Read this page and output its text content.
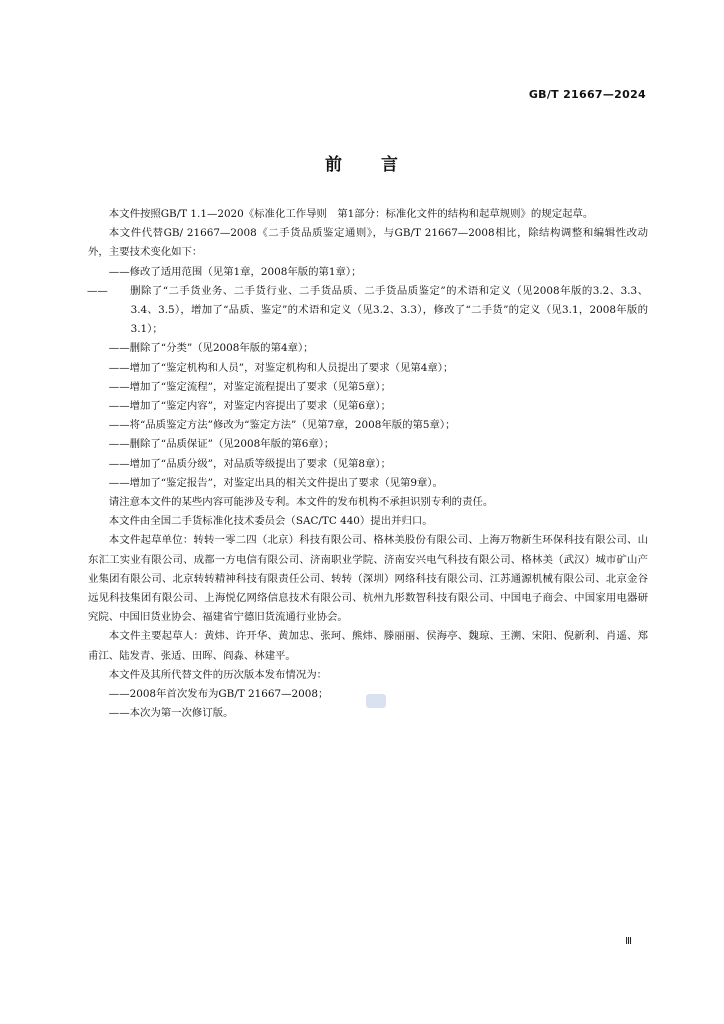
GB/T 21667—2024
前 言

本文件按照GB/T 1.1—2020《标准化工作导则　第1部分：标准化文件的结构和起草规则》的规定起草。

本文件代替GB/ 21667—2008《二手货品质鉴定通则》，与GB/T 21667—2008相比，除结构调整和编辑性改动外，主要技术变化如下：

——修改了适用范围（见第1章，2008年版的第1章）；

—— 删除了“二手货业务、二手货行业、二手货品质、二手货品质鉴定”的术语和定义（见2008年版的3.2、3.3、3.4、3.5），增加了“品质、鉴定”的术语和定义（见3.2、3.3），修改了“二手货”的定义（见3.1，2008年版的3.1）；

——删除了“分类”（见2008年版的第4章）；

——增加了“鉴定机构和人员”，对鉴定机构和人员提出了要求（见第4章）；

——增加了“鉴定流程”，对鉴定流程提出了要求（见第5章）；

——增加了“鉴定内容”，对鉴定内容提出了要求（见第6章）；

——将“品质鉴定方法”修改为“鉴定方法”（见第7章，2008年版的第5章）；

——删除了“品质保证”（见2008年版的第6章）；

——增加了“品质分级”，对品质等级提出了要求（见第8章）；

——增加了“鉴定报告”，对鉴定出具的相关文件提出了要求（见第9章）。

请注意本文件的某些内容可能涉及专利。本文件的发布机构不承担识别专利的责任。

本文件由全国二手货标准化技术委员会（SAC/TC 440）提出并归口。

本文件起草单位：转转一零二四（北京）科技有限公司、格林美股份有限公司、上海万物新生环保科技有限公司、山东汇工实业有限公司、成都一方电信有限公司、济南职业学院、济南安兴电气科技有限公司、格林美（武汉）城市矿山产业集团有限公司、北京转转精神科技有限责任公司、转转（深圳）网络科技有限公司、江苏通源机械有限公司、北京金谷远见科技集团有限公司、上海悦亿网络信息技术有限公司、杭州九彤数智科技有限公司、中国电子商会、中国家用电器研究院、中国旧货业协会、福建省宁德旧货流通行业协会。

本文件主要起草人：黄炜、许开华、黄加忠、张珂、熊炜、滕丽丽、侯海亭、魏琼、王溯、宋阳、倪新利、肖遥、郑甫江、陆发青、张适、田晖、阎淼、林建平。

本文件及其所代替文件的历次版本发布情况为：

——2008年首次发布为GB/T 21667—2008；

——本次为第一次修订版。

Ⅲ
